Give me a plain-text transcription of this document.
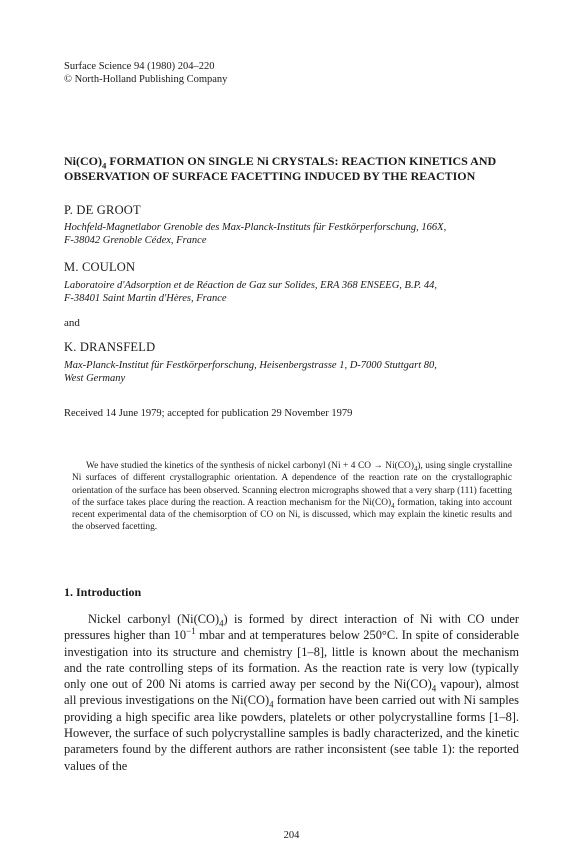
Surface Science 94 (1980) 204–220
© North-Holland Publishing Company
$Ni(CO)_4$ FORMATION ON SINGLE Ni CRYSTALS: REACTION KINETICS AND OBSERVATION OF SURFACE FACETTING INDUCED BY THE REACTION
P. DE GROOT
Hochfeld-Magnetlabor Grenoble des Max-Planck-Instituts für Festkörperforschung, 166X,
F-38042 Grenoble Cédex, France
M. COULON
Laboratoire d'Adsorption et de Réaction de Gaz sur Solides, ERA 368 ENSEEG, B.P. 44,
F-38401 Saint Martin d'Hères, France
and
K. DRANSFELD
Max-Planck-Institut für Festkörperforschung, Heisenbergstrasse 1, D-7000 Stuttgart 80,
West Germany
Received 14 June 1979; accepted for publication 29 November 1979

We have studied the kinetics of the synthesis of nickel carbonyl (Ni + 4 CO → $Ni(CO)_4$), using single crystalline Ni surfaces of different crystallographic orientation. A dependence of the reaction rate on the crystallographic orientation of the surface has been observed. Scanning electron micrographs showed that a very sharp (111) facetting of the surface takes place during the reaction. A reaction mechanism for the $Ni(CO)_4$ formation, taking into account recent experimental data of the chemisorption of CO on Ni, is discussed, which may explain the kinetic results and the observed facetting.

1. Introduction

Nickel carbonyl $(Ni(CO)_4)$ is formed by direct interaction of Ni with CO under pressures higher than $10^{-1}$ mbar and at temperatures below 250°C. In spite of considerable investigation into its structure and chemistry [1–8], little is known about the mechanism and the rate controlling steps of its formation. As the reaction rate is very low (typically only one out of 200 Ni atoms is carried away per second by the $Ni(CO)_4$ vapour), almost all previous investigations on the $Ni(CO)_4$ formation have been carried out with Ni samples providing a high specific area like powders, platelets or other polycrystalline forms [1–8]. However, the surface of such polycrystalline samples is badly characterized, and the kinetic parameters found by the different authors are rather inconsistent (see table 1): the reported values of the

204
